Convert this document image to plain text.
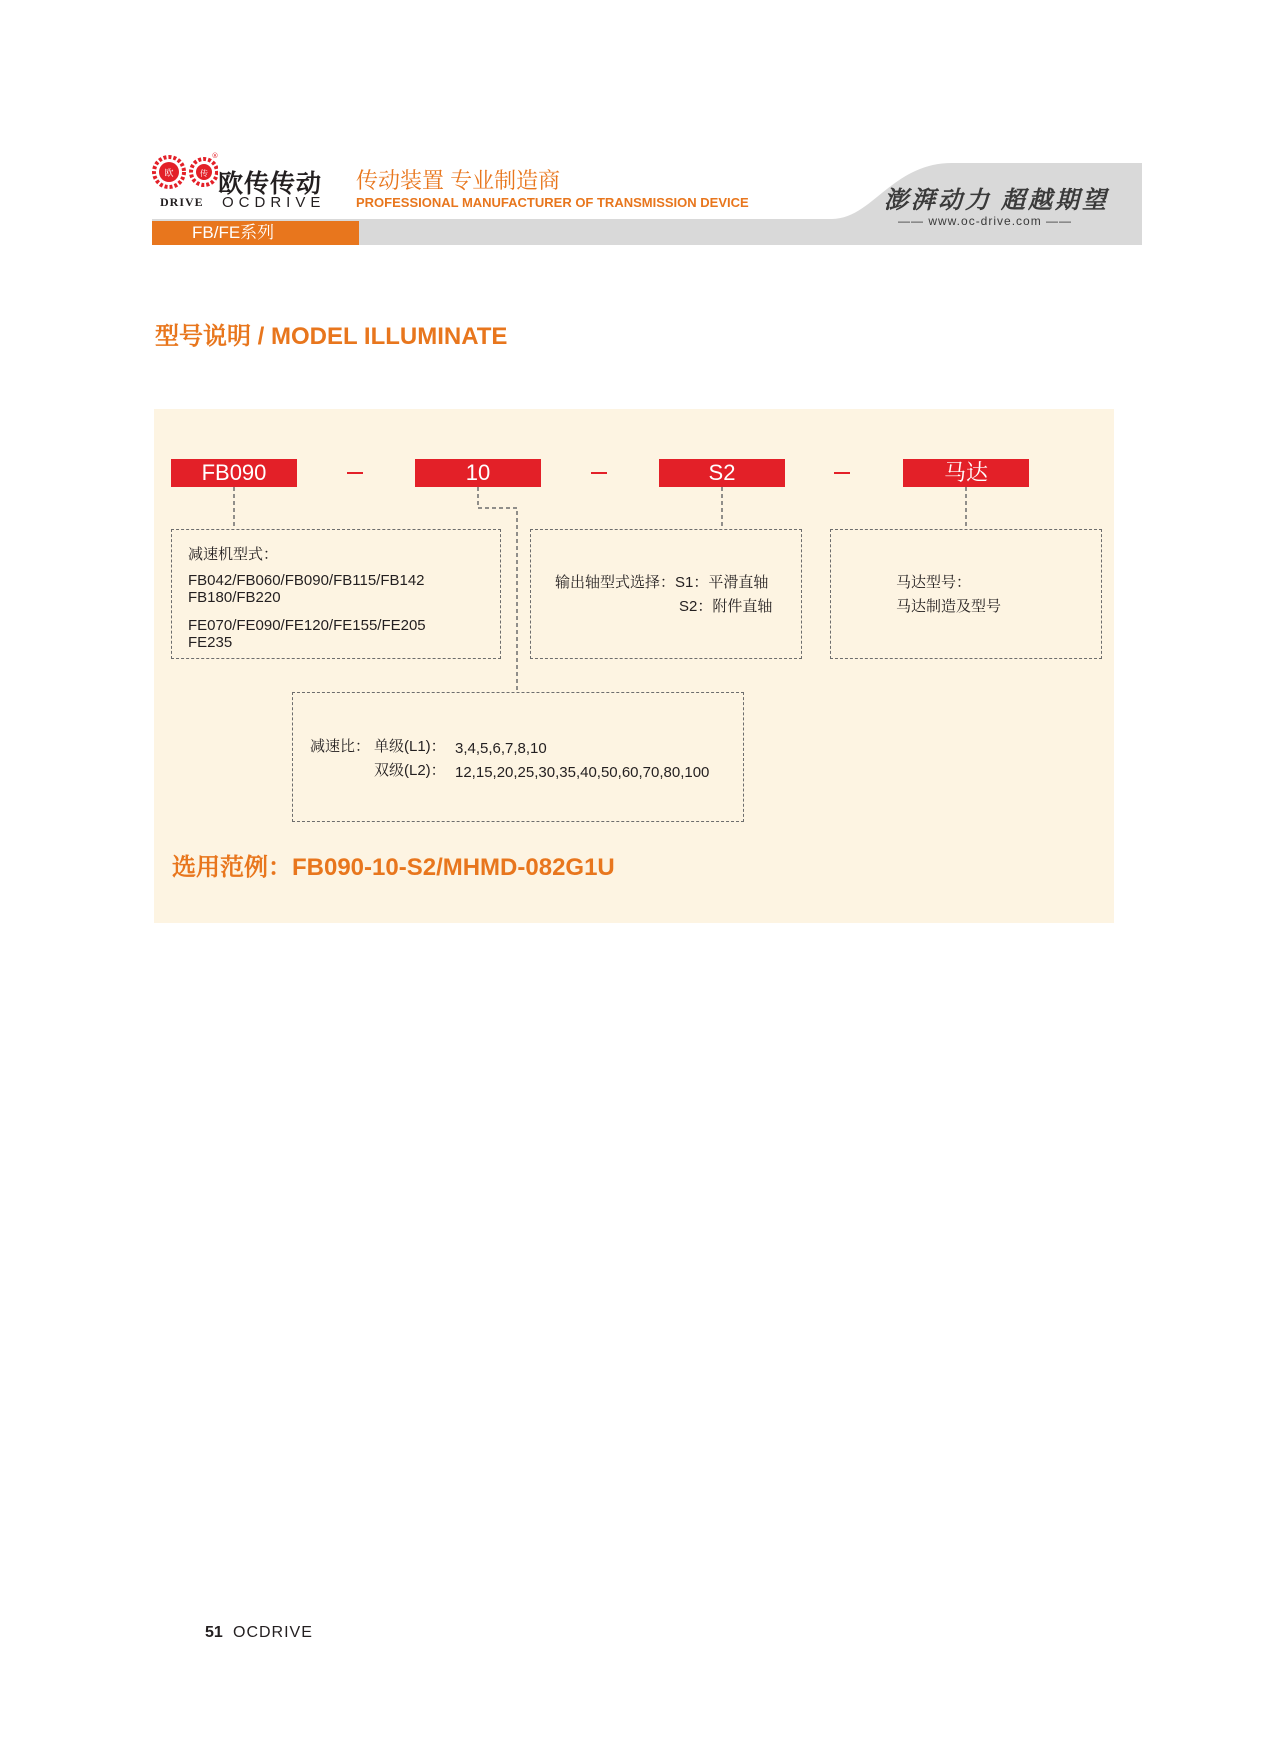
欧	传
®
欧传传动
DRIVE OCDRIVE
传动装置 专业制造商
PROFESSIONAL MANUFACTURER OF TRANSMISSION DEVICE
FB/FE系列
澎湃动力 超越期望
—— www.oc-drive.com ——
型号说明 / MODEL ILLUMINATE
FB090	10	S2	马达
减速机型式：
FB042/FB060/FB090/FB115/FB142
FB180/FB220
FE070/FE090/FE120/FE155/FE205
FE235
输出轴型式选择：S1：平滑直轴
S2：附件直轴
马达型号：
马达制造及型号
减速比： 单级(L1)： 3,4,5,6,7,8,10
双级(L2)： 12,15,20,25,30,35,40,50,60,70,80,100
选用范例：FB090-10-S2/MHMD-082G1U
51 OCDRIVE
